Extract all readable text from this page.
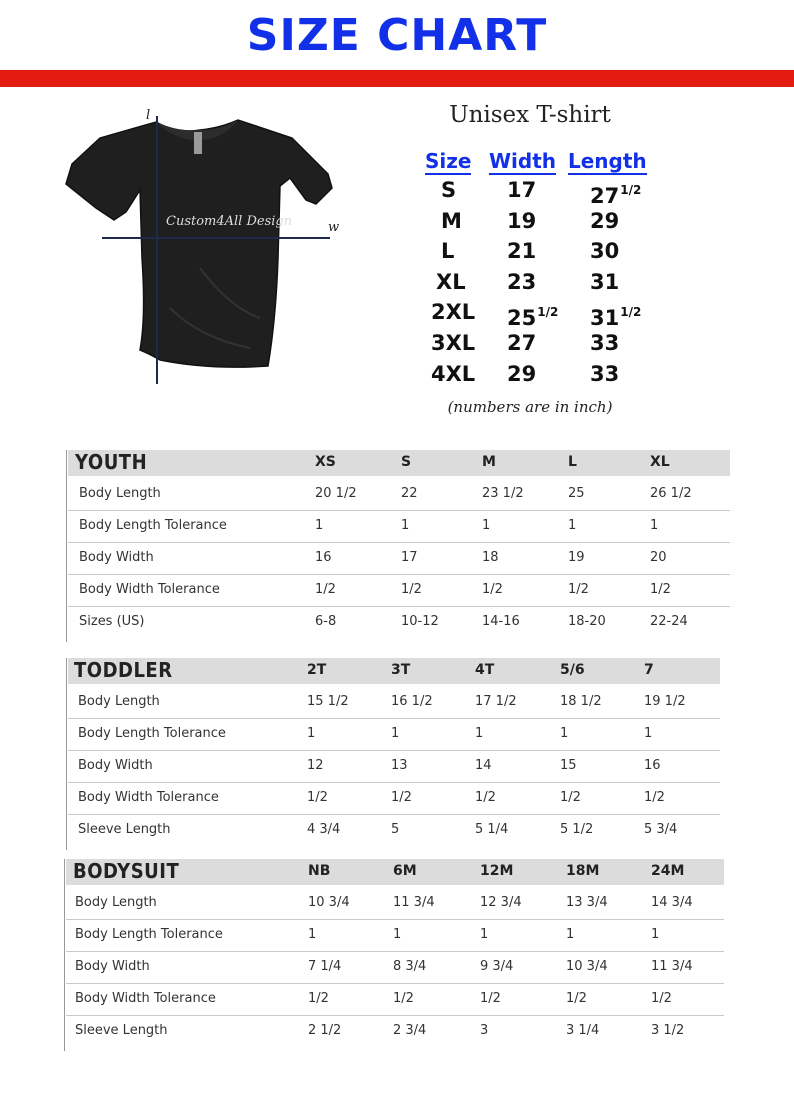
SIZE CHART
Custom4All Design
l
w
Unisex T-shirt
Size Width Length
S 17	$27^{1/2}$
M 19	29
L	21	30
XL 23	31
2XL $25^{1/2}$ $31^{1/2}$
3XL 27	33
4XL 29	33
(numbers are in inch)
YOUTH	XS	S	M	L	XL
Body Length	20 1/2	22	23 1/2	25	26 1/2
Body Length Tolerance	1	1	1	1	1
Body Width	16	17	18	19	20
Body Width Tolerance	1/2	1/2	1/2	1/2	1/2
Sizes (US)	6-8	10-12	14-16	18-20	22-24
TODDLER	2T	3T	4T	5/6	7
Body Length	15 1/2	16 1/2	17 1/2	18 1/2	19 1/2
Body Length Tolerance	1	1	1	1	1
Body Width	12	13	14	15	16
Body Width Tolerance	1/2	1/2	1/2	1/2	1/2
Sleeve Length	4 3/4	5	5 1/4	5 1/2	5 3/4
BODYSUIT	NB	6M	12M	18M	24M
Body Length	10 3/4	11 3/4	12 3/4	13 3/4	14 3/4
Body Length Tolerance	1	1	1	1	1
Body Width	7 1/4	8 3/4	9 3/4	10 3/4	11 3/4
Body Width Tolerance	1/2	1/2	1/2	1/2	1/2
Sleeve Length	2 1/2	2 3/4	3	3 1/4	3 1/2
